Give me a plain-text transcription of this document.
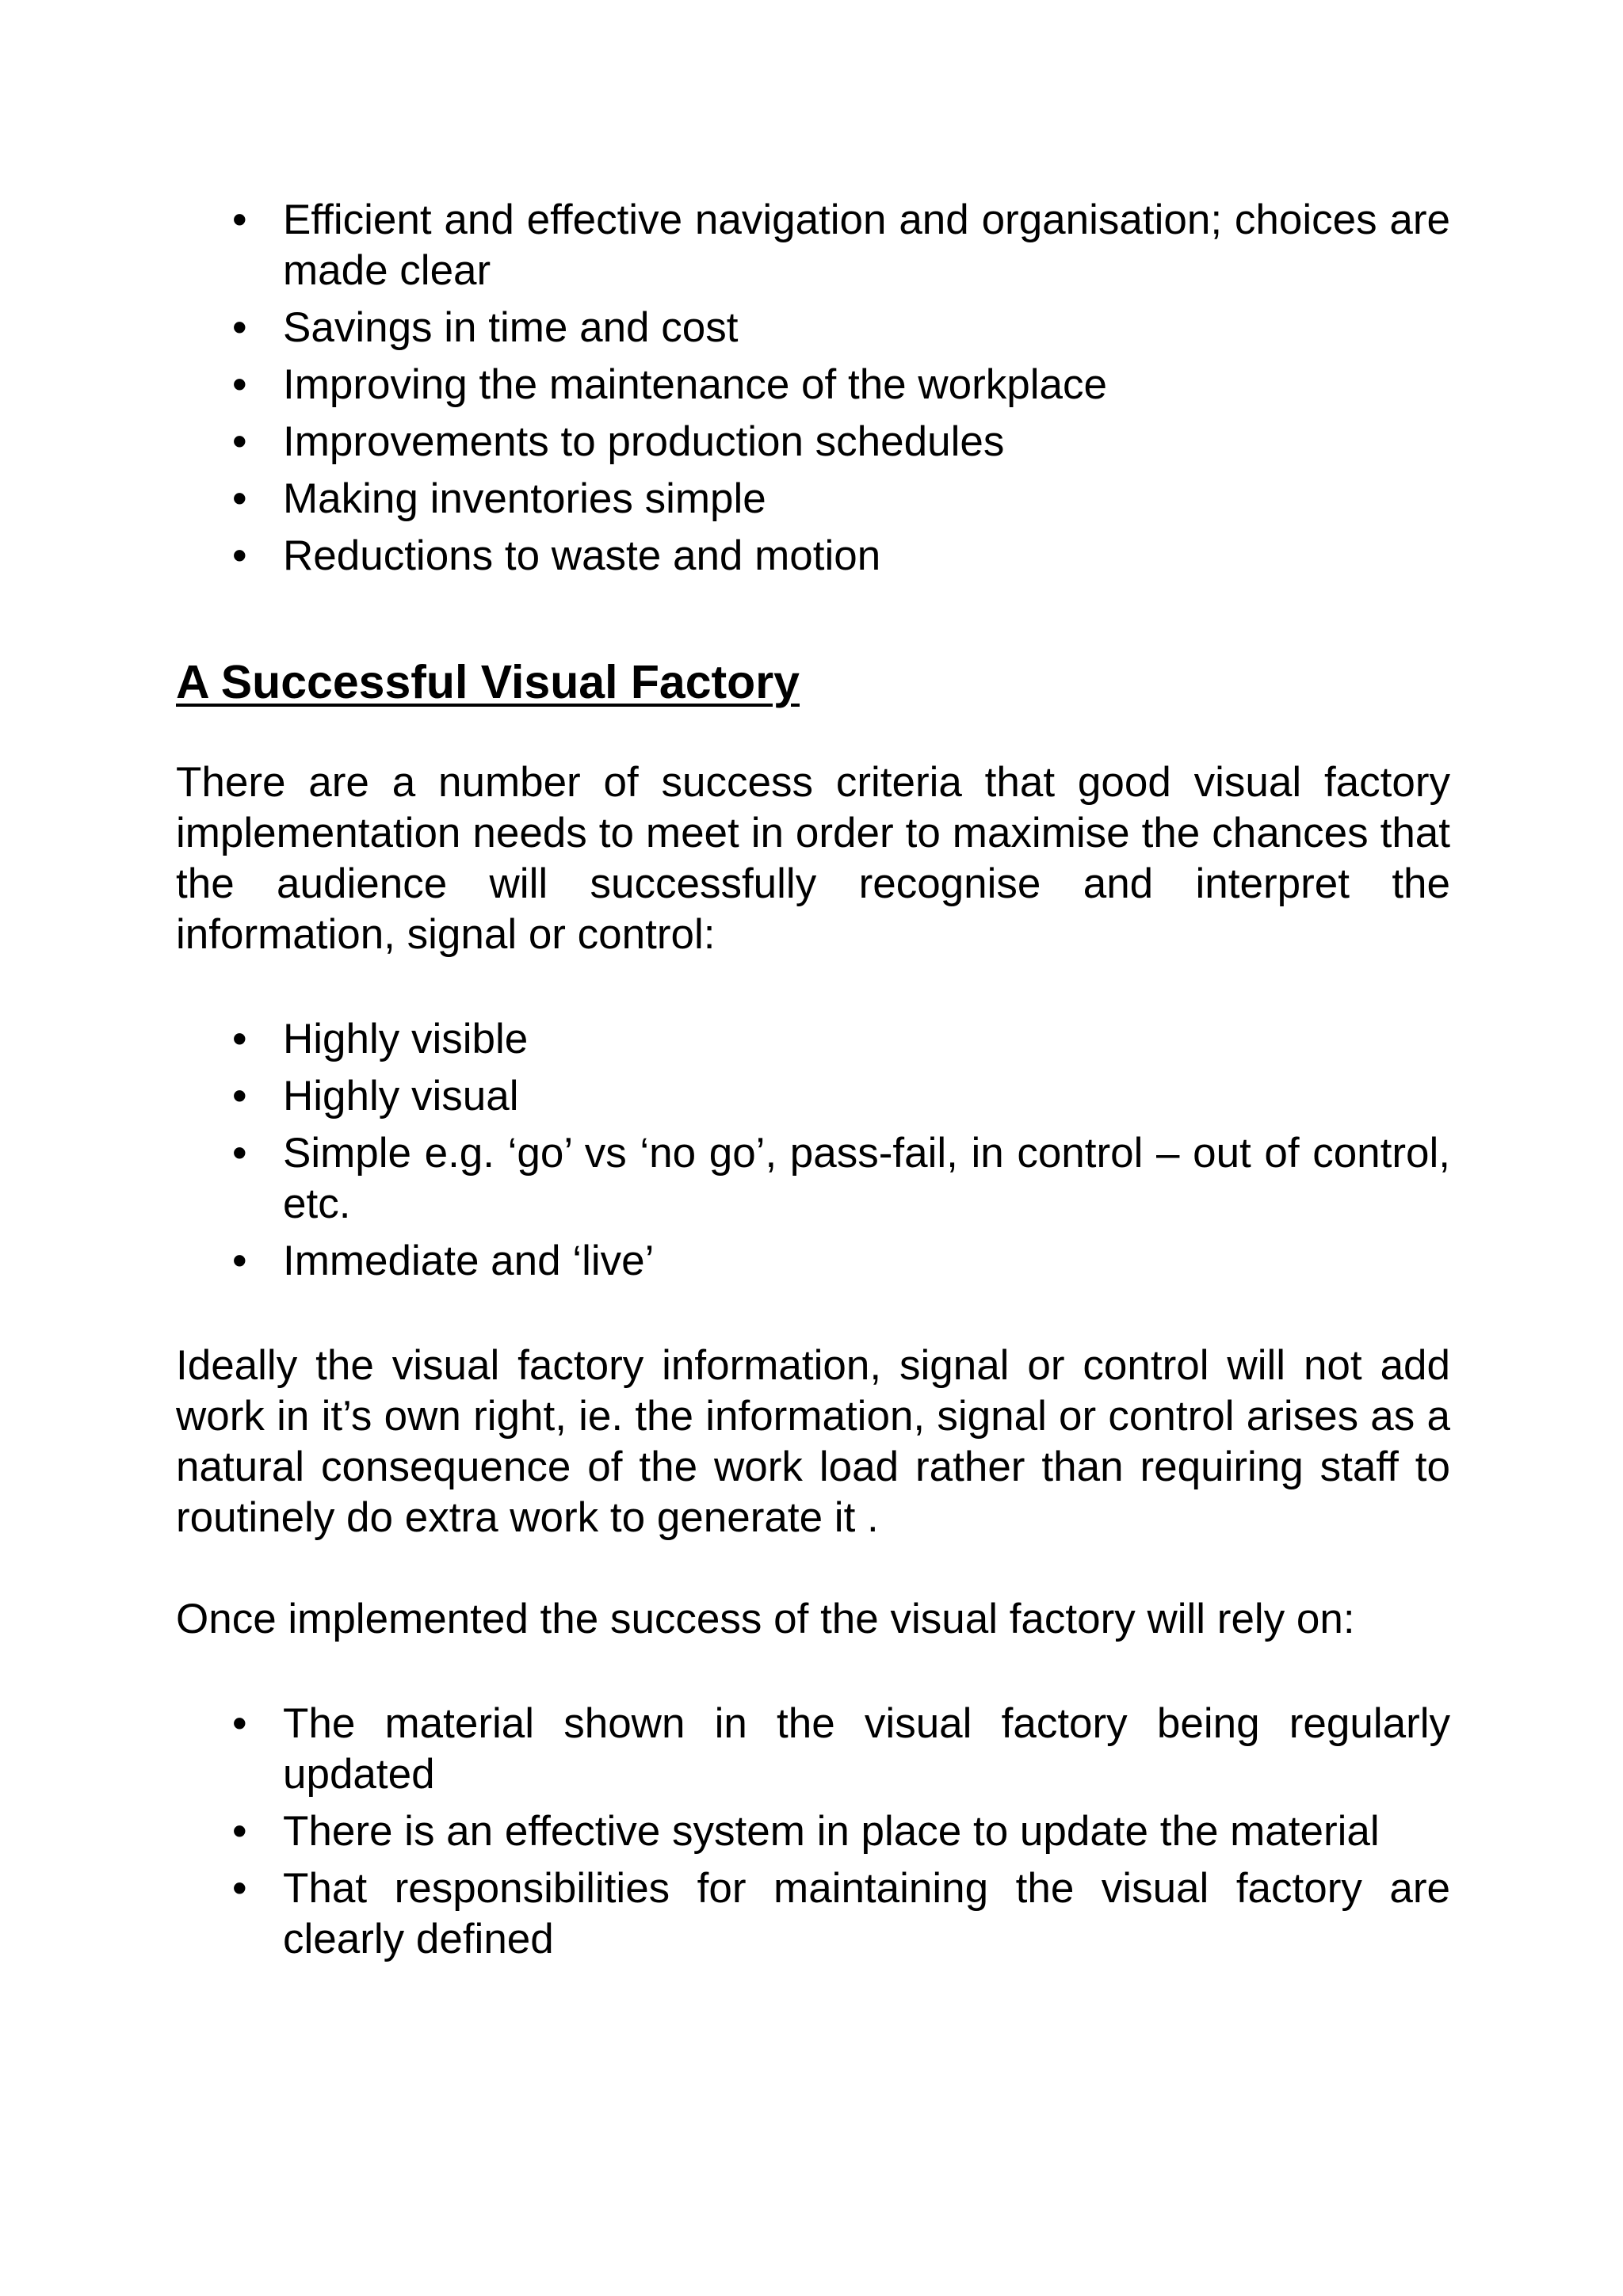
• Efficient and effective navigation and organisation; choices are made clear
• Savings in time and cost
• Improving the maintenance of the workplace
• Improvements to production schedules
• Making inventories simple
• Reductions to waste and motion
A Successful Visual Factory

There are a number of success criteria that good visual factory implementation needs to meet in order to maximise the chances that the audience will successfully recognise and interpret the information, signal or control:

• Highly visible
• Highly visual
• Simple e.g. ‘go’ vs ‘no go’, pass-fail, in control – out of control, etc.
• Immediate and ‘live’

Ideally the visual factory information, signal or control will not add work in it’s own right, ie. the information, signal or control arises as a natural consequence of the work load rather than requiring staff to routinely do extra work to generate it .

Once implemented the success of the visual factory will rely on:

• The material shown in the visual factory being regularly updated
• There is an effective system in place to update the material
• That responsibilities for maintaining the visual factory are clearly defined
